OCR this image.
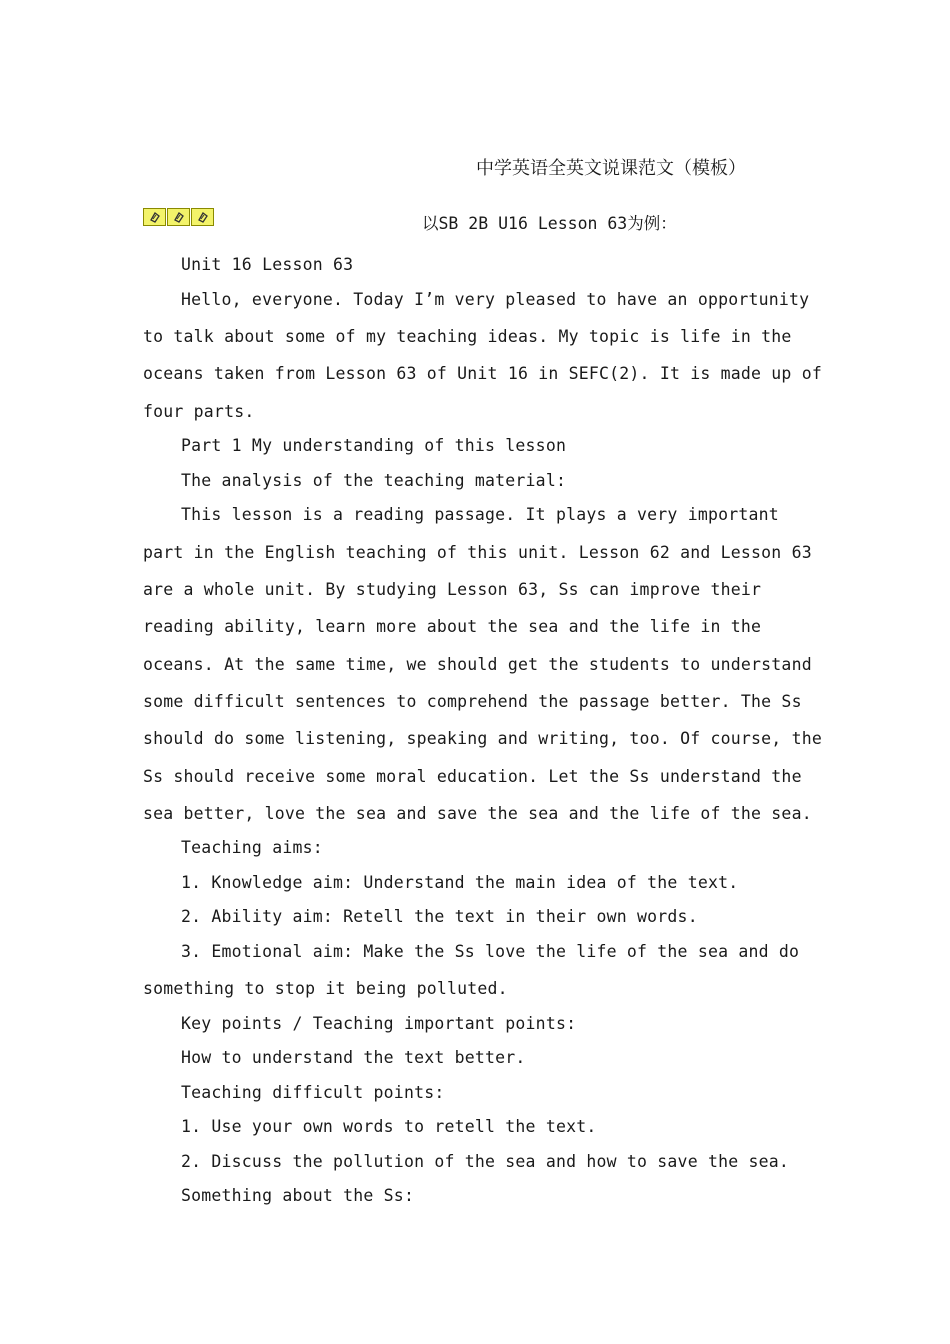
中学英语全英文说课范文（模板）
以SB 2B U16 Lesson 63为例：
Unit 16 Lesson 63
Hello, everyone. Today I’m very pleased to have an opportunity
to talk about some of my teaching ideas. My topic is life in the
oceans taken from Lesson 63 of Unit 16 in SEFC(2). It is made up of
four parts.
Part 1 My understanding of this lesson
The analysis of the teaching material:
This lesson is a reading passage. It plays a very important
part in the English teaching of this unit. Lesson 62 and Lesson 63
are a whole unit. By studying Lesson 63, Ss can improve their
reading ability, learn more about the sea and the life in the
oceans. At the same time, we should get the students to understand
some difficult sentences to comprehend the passage better. The Ss
should do some listening, speaking and writing, too. Of course, the
Ss should receive some moral education. Let the Ss understand the
sea better, love the sea and save the sea and the life of the sea.
Teaching aims:
1. Knowledge aim: Understand the main idea of the text.
2. Ability aim: Retell the text in their own words.
3. Emotional aim: Make the Ss love the life of the sea and do
something to stop it being polluted.
Key points / Teaching important points:
How to understand the text better.
Teaching difficult points:
1. Use your own words to retell the text.
2. Discuss the pollution of the sea and how to save the sea.
Something about the Ss:
